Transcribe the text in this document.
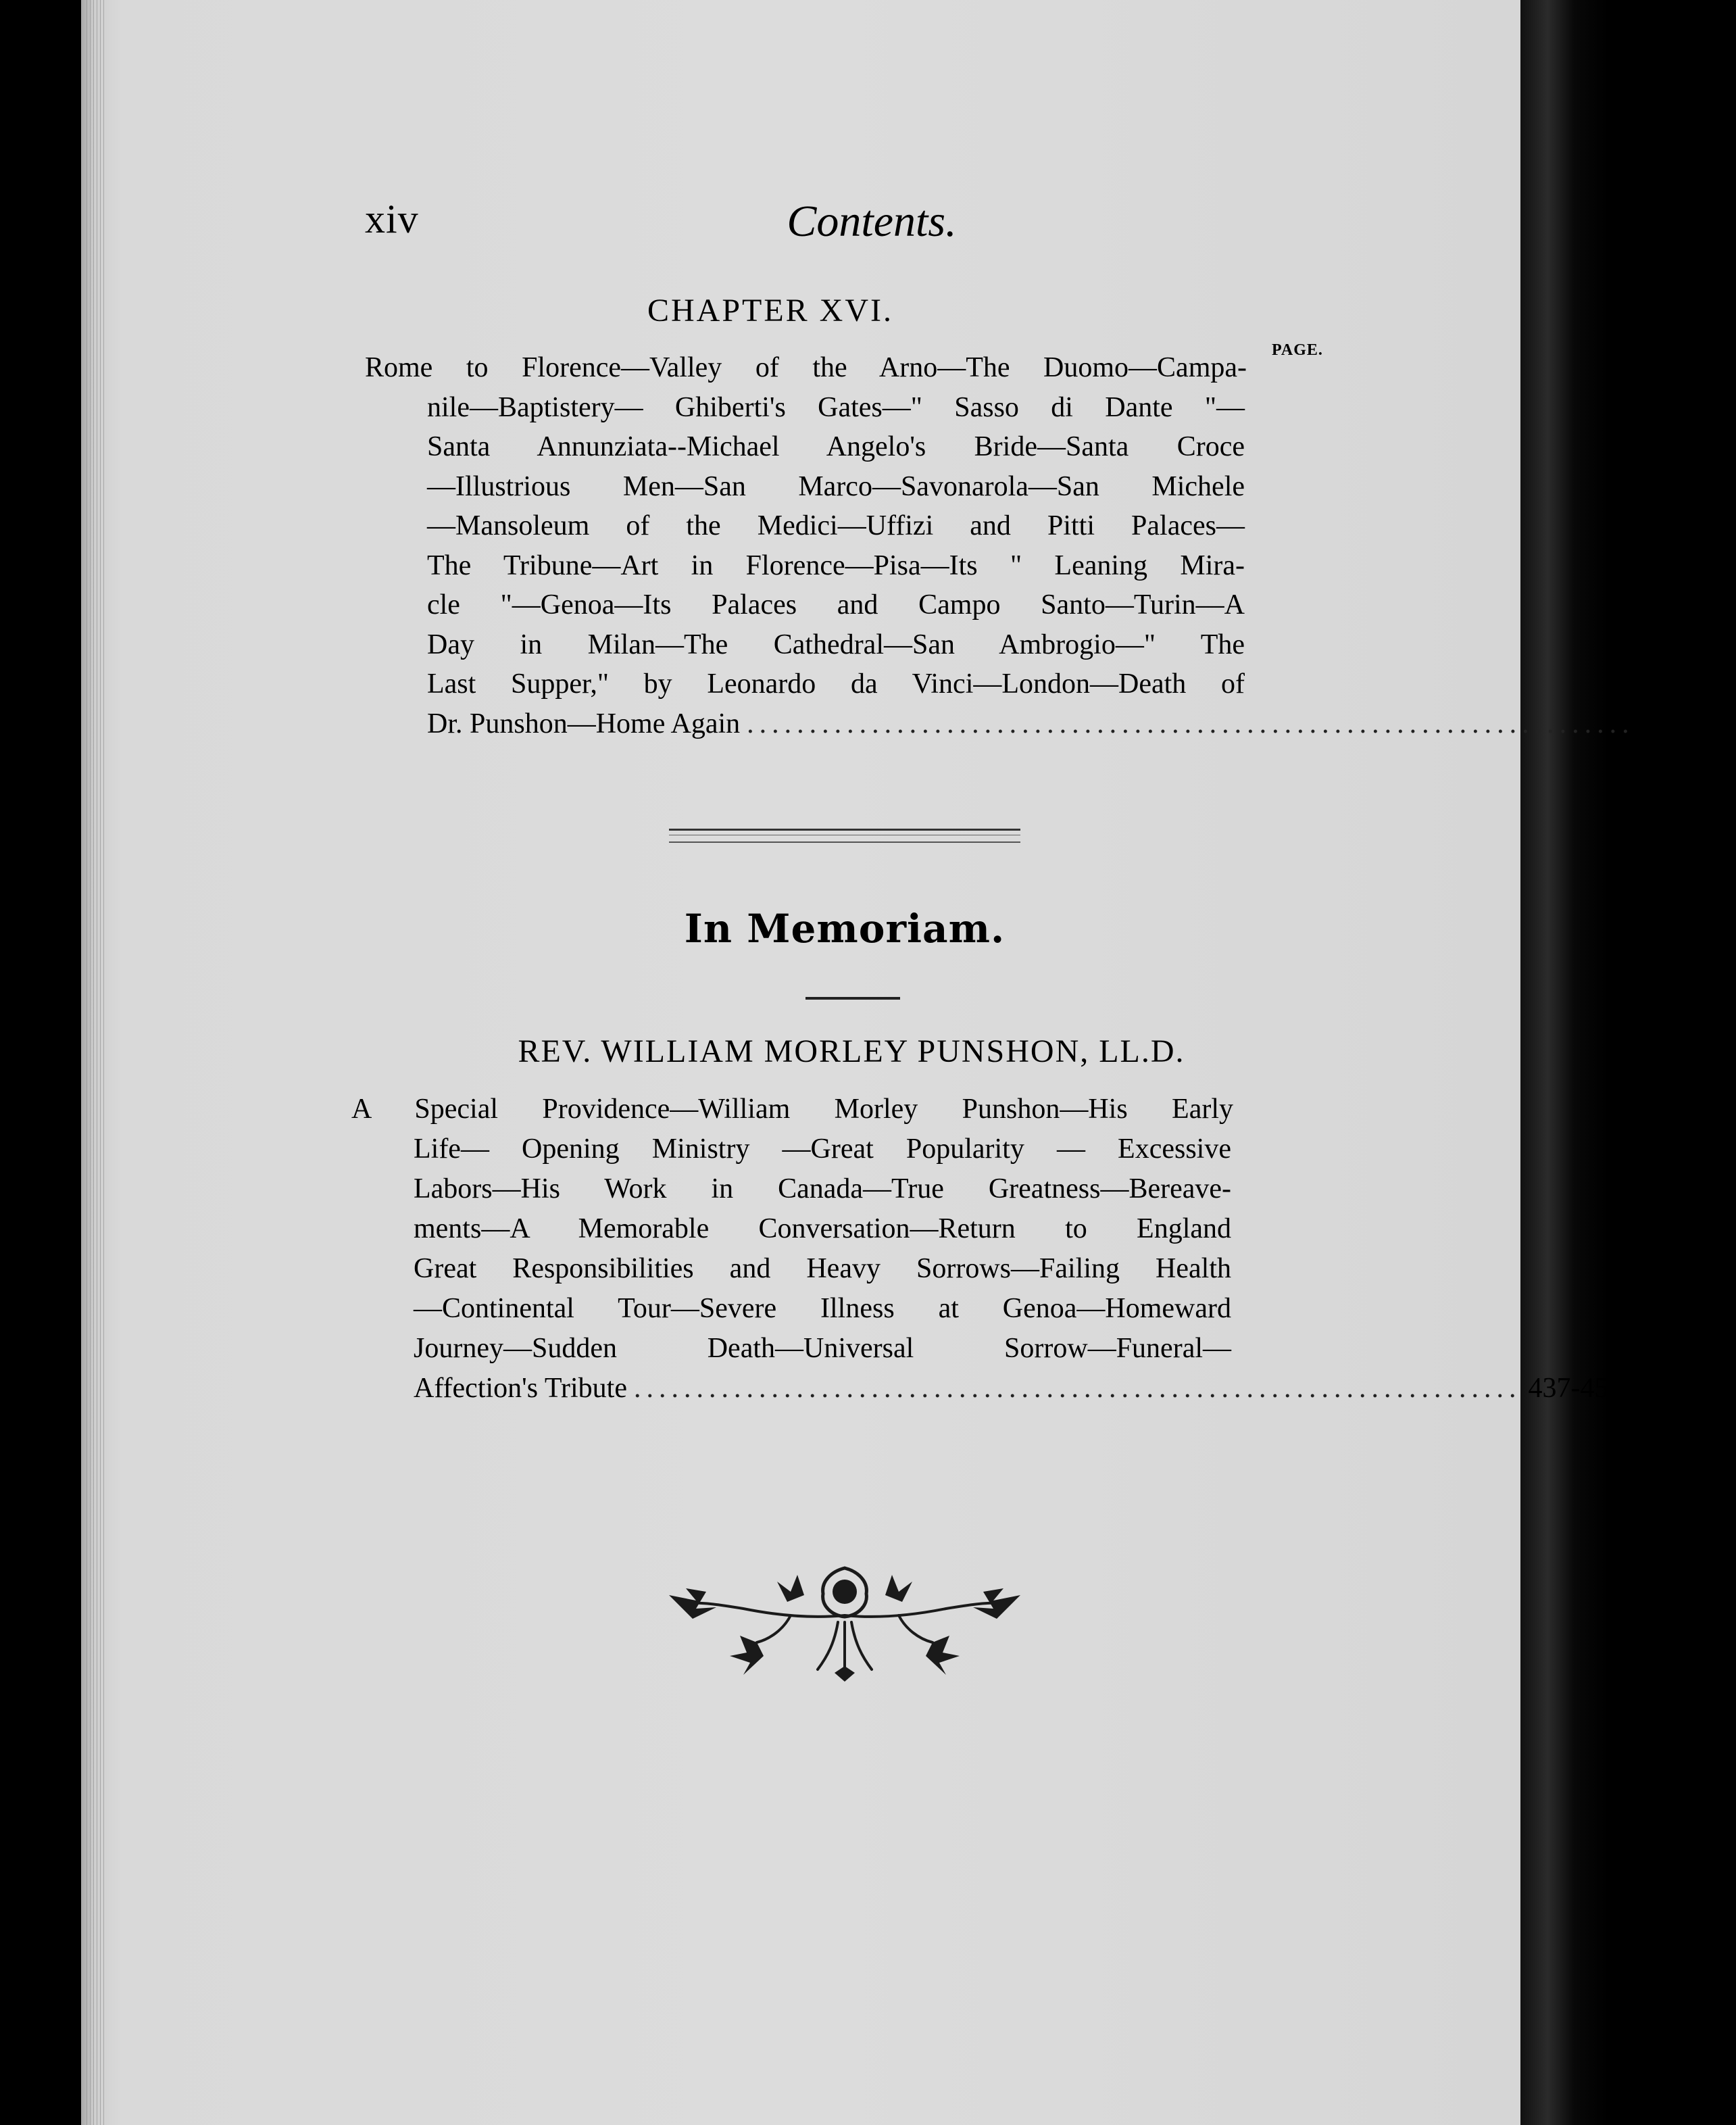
xiv	Contents.
CHAPTER XVI.
PAGE.
Rome to Florence—Valley of the Arno—The Duomo—Campa-
nile—Baptistery— Ghiberti's Gates—" Sasso di Dante "—
Santa Annunziata--Michael Angelo's Bride—Santa Croce
—Illustrious Men—San Marco—Savonarola—San Michele
—Mansoleum of the Medici—Uffizi and Pitti Palaces—
The Tribune—Art in Florence—Pisa—Its " Leaning Mira-
cle "—Genoa—Its Palaces and Campo Santo—Turin—A
Day in Milan—The Cathedral—San Ambrogio—" The
Last Supper," by Leonardo da Vinci—London—Death of
Dr. Punshon—Home Again ....................................................................... 414-434
In Memoriam.
REV. WILLIAM MORLEY PUNSHON, LL.D.
A Special Providence—William Morley Punshon—His Early
Life— Opening Ministry —Great Popularity — Excessive
Labors—His Work in Canada—True Greatness—Bereave-
ments—A Memorable Conversation—Return to England
Great Responsibilities and Heavy Sorrows—Failing Health
—Continental Tour—Severe Illness at Genoa—Homeward
Journey—Sudden Death—Universal Sorrow—Funeral—
Affection's Tribute ....................................................................... 437-459
